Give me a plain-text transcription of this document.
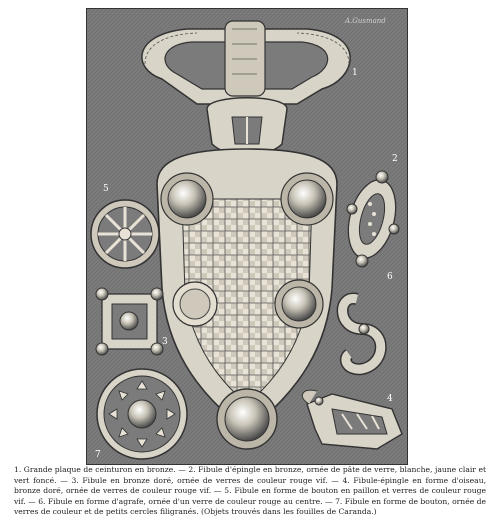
1
2
3
4
5
6
7
A.Gusmand
1. Grande plaque de ceinturon en bronze. — 2. Fibule d'épingle en bronze, ornée de pâte de verre, blanche, jaune clair et vert foncé. — 3. Fibule en bronze doré, ornée de verres de couleur rouge vif. — 4. Fibule-épingle en forme d'oiseau, bronze doré, ornée de verres de couleur rouge vif. — 5. Fibule en forme de bouton en paillon et verres de couleur rouge vif. — 6. Fibule en forme d'agrafe, ornée d'un verre de couleur rouge au centre. — 7. Fibule en forme de bouton, ornée de verres de couleur et de petits cercles filigranés. (Objets trouvés dans les fouilles de Caranda.)
